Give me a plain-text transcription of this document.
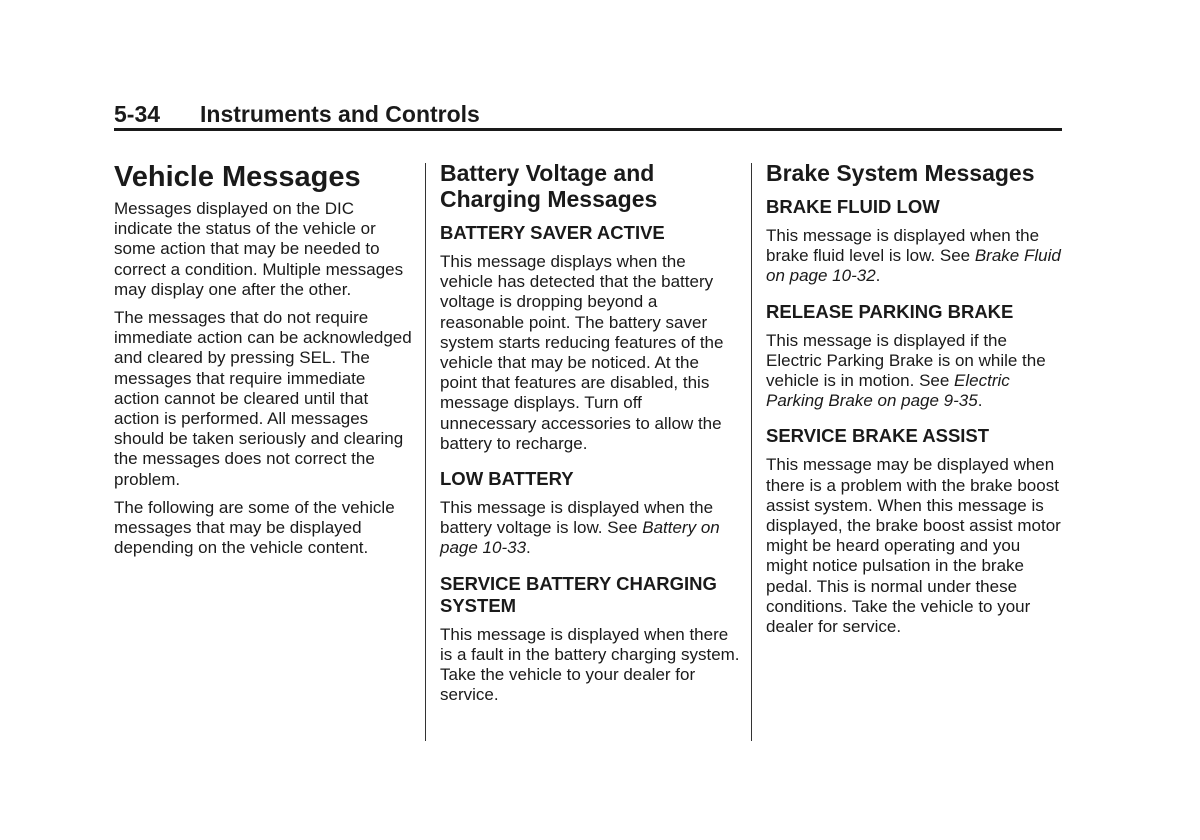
5-34 Instruments and Controls
Vehicle Messages

Messages displayed on the DIC indicate the status of the vehicle or some action that may be needed to correct a condition. Multiple messages may display one after the other.

The messages that do not require immediate action can be acknowledged and cleared by pressing SEL. The messages that require immediate action cannot be cleared until that action is performed. All messages should be taken seriously and clearing the messages does not correct the problem.

The following are some of the vehicle messages that may be displayed depending on the vehicle content.

Battery Voltage and Charging Messages
BATTERY SAVER ACTIVE

This message displays when the vehicle has detected that the battery voltage is dropping beyond a reasonable point. The battery saver system starts reducing features of the vehicle that may be noticed. At the point that features are disabled, this message displays. Turn off unnecessary accessories to allow the battery to recharge.

LOW BATTERY

This message is displayed when the battery voltage is low. See Battery on page 10-33.

SERVICE BATTERY CHARGING SYSTEM

This message is displayed when there is a fault in the battery charging system. Take the vehicle to your dealer for service.

Brake System Messages
BRAKE FLUID LOW

This message is displayed when the brake fluid level is low. See Brake Fluid on page 10-32.

RELEASE PARKING BRAKE

This message is displayed if the Electric Parking Brake is on while the vehicle is in motion. See Electric Parking Brake on page 9-35.

SERVICE BRAKE ASSIST

This message may be displayed when there is a problem with the brake boost assist system. When this message is displayed, the brake boost assist motor might be heard operating and you might notice pulsation in the brake pedal. This is normal under these conditions. Take the vehicle to your dealer for service.
